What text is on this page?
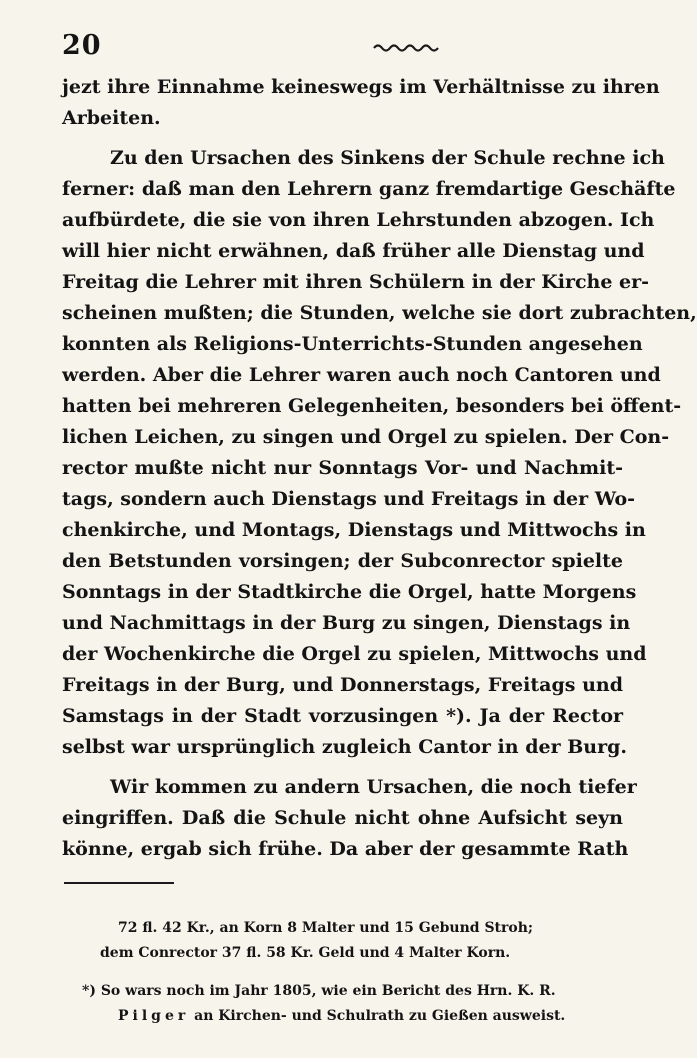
20
jezt ihre Einnahme keineswegs im Verhältnisse zu ihren
Arbeiten.
Zu den Ursachen des Sinkens der Schule rechne ich
ferner: daß man den Lehrern ganz fremdartige Geschäfte
aufbürdete, die sie von ihren Lehrstunden abzogen. Ich
will hier nicht erwähnen, daß früher alle Dienstag und
Freitag die Lehrer mit ihren Schülern in der Kirche er-
scheinen mußten; die Stunden, welche sie dort zubrachten,
konnten als Religions-Unterrichts-Stunden angesehen
werden. Aber die Lehrer waren auch noch Cantoren und
hatten bei mehreren Gelegenheiten, besonders bei öffent-
lichen Leichen, zu singen und Orgel zu spielen. Der Con-
rector mußte nicht nur Sonntags Vor- und Nachmit-
tags, sondern auch Dienstags und Freitags in der Wo-
chenkirche, und Montags, Dienstags und Mittwochs in
den Betstunden vorsingen; der Subconrector spielte
Sonntags in der Stadtkirche die Orgel, hatte Morgens
und Nachmittags in der Burg zu singen, Dienstags in
der Wochenkirche die Orgel zu spielen, Mittwochs und
Freitags in der Burg, und Donnerstags, Freitags und
Samstags in der Stadt vorzusingen *). Ja der Rector
selbst war ursprünglich zugleich Cantor in der Burg.
Wir kommen zu andern Ursachen, die noch tiefer
eingriffen. Daß die Schule nicht ohne Aufsicht seyn
könne, ergab sich frühe. Da aber der gesammte Rath
72 fl. 42 Kr., an Korn 8 Malter und 15 Gebund Stroh;
dem Conrector 37 fl. 58 Kr. Geld und 4 Malter Korn.
*) So wars noch im Jahr 1805, wie ein Bericht des Hrn. K. R.
Pilger an Kirchen- und Schulrath zu Gießen ausweist.
